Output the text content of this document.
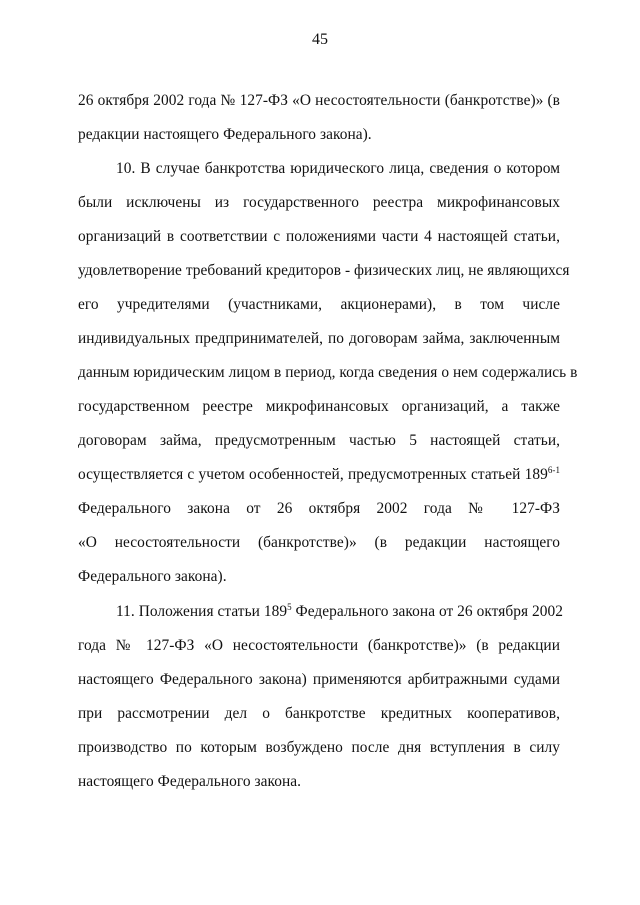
45
26 октября 2002 года № 127-ФЗ «О несостоятельности (банкротстве)» (в
редакции настоящего Федерального закона).
10. В случае банкротства юридического лица, сведения о котором
были исключены из государственного реестра микрофинансовых
организаций в соответствии с положениями части 4 настоящей статьи,
удовлетворение требований кредиторов - физических лиц, не являющихся
его учредителями (участниками, акционерами), в том числе
индивидуальных предпринимателей, по договорам займа, заключенным
данным юридическим лицом в период, когда сведения о нем содержались в
государственном реестре микрофинансовых организаций, а также
договорам займа, предусмотренным частью 5 настоящей статьи,
осуществляется с учетом особенностей, предусмотренных статьей 189$^{6-1}$
Федерального закона от 26 октября 2002 года № 127-ФЗ
«О несостоятельности (банкротстве)» (в редакции настоящего
Федерального закона).
11. Положения статьи $189^5$ Федерального закона от 26 октября 2002
года № 127-ФЗ «О несостоятельности (банкротстве)» (в редакции
настоящего Федерального закона) применяются арбитражными судами
при рассмотрении дел о банкротстве кредитных кооперативов,
производство по которым возбуждено после дня вступления в силу
настоящего Федерального закона.
